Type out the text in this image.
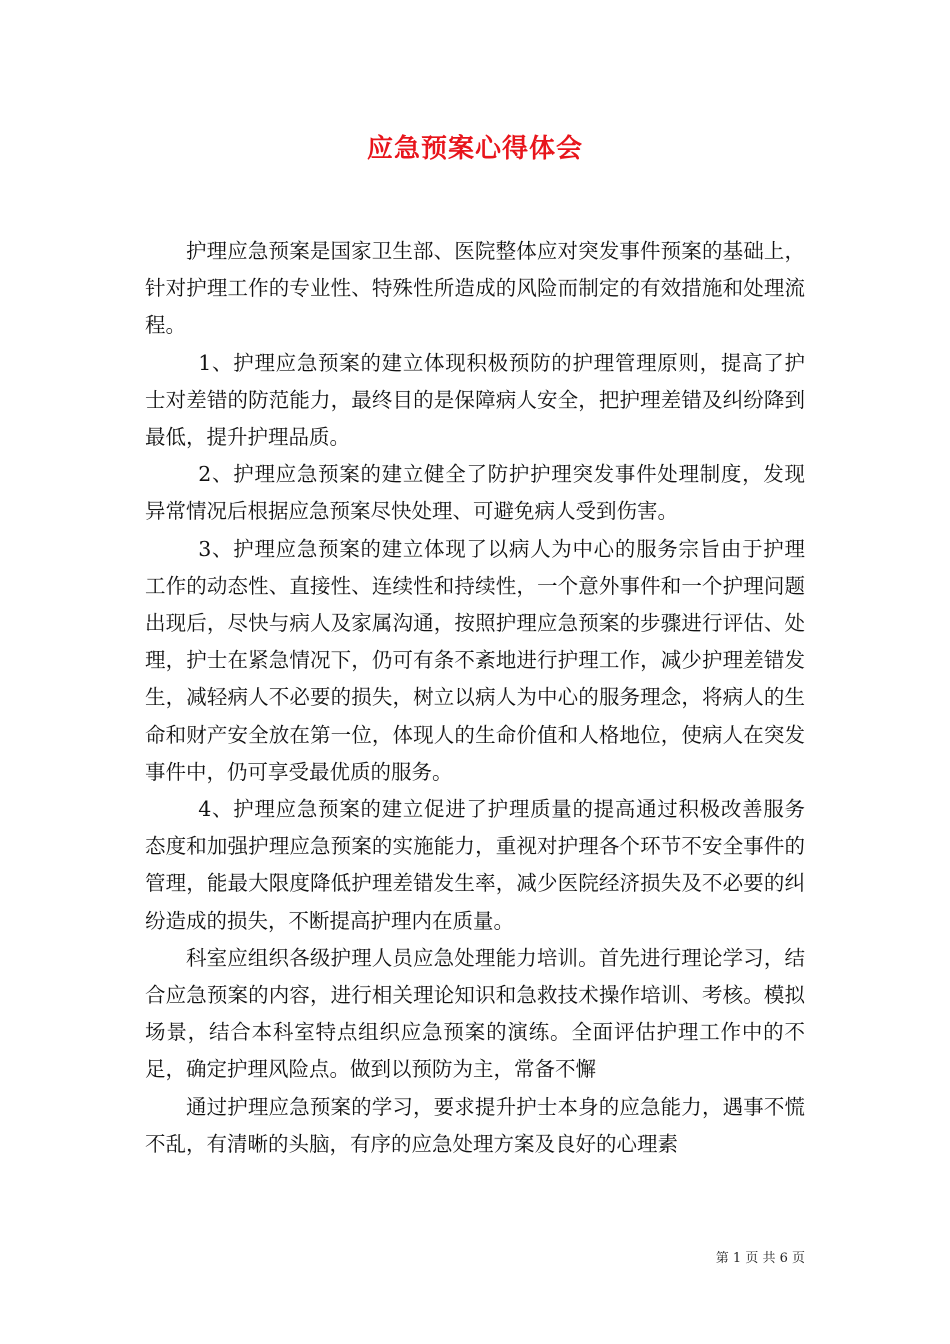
应急预案心得体会

护理应急预案是国家卫生部、医院整体应对突发事件预案的基础上，针对护理工作的专业性、特殊性所造成的风险而制定的有效措施和处理流程。

1、护理应急预案的建立体现积极预防的护理管理原则，提高了护士对差错的防范能力，最终目的是保障病人安全，把护理差错及纠纷降到最低，提升护理品质。

2、护理应急预案的建立健全了防护护理突发事件处理制度，发现异常情况后根据应急预案尽快处理、可避免病人受到伤害。

3、护理应急预案的建立体现了以病人为中心的服务宗旨由于护理工作的动态性、直接性、连续性和持续性，一个意外事件和一个护理问题出现后，尽快与病人及家属沟通，按照护理应急预案的步骤进行评估、处理，护士在紧急情况下，仍可有条不紊地进行护理工作，减少护理差错发生，减轻病人不必要的损失，树立以病人为中心的服务理念，将病人的生命和财产安全放在第一位，体现人的生命价值和人格地位，使病人在突发事件中，仍可享受最优质的服务。

4、护理应急预案的建立促进了护理质量的提高通过积极改善服务态度和加强护理应急预案的实施能力，重视对护理各个环节不安全事件的管理，能最大限度降低护理差错发生率，减少医院经济损失及不必要的纠纷造成的损失，不断提高护理内在质量。

科室应组织各级护理人员应急处理能力培训。首先进行理论学习，结合应急预案的内容，进行相关理论知识和急救技术操作培训、考核。模拟场景，结合本科室特点组织应急预案的演练。全面评估护理工作中的不足，确定护理风险点。做到以预防为主，常备不懈

通过护理应急预案的学习，要求提升护士本身的应急能力，遇事不慌不乱，有清晰的头脑，有序的应急处理方案及良好的心理素

第 1 页 共 6 页
